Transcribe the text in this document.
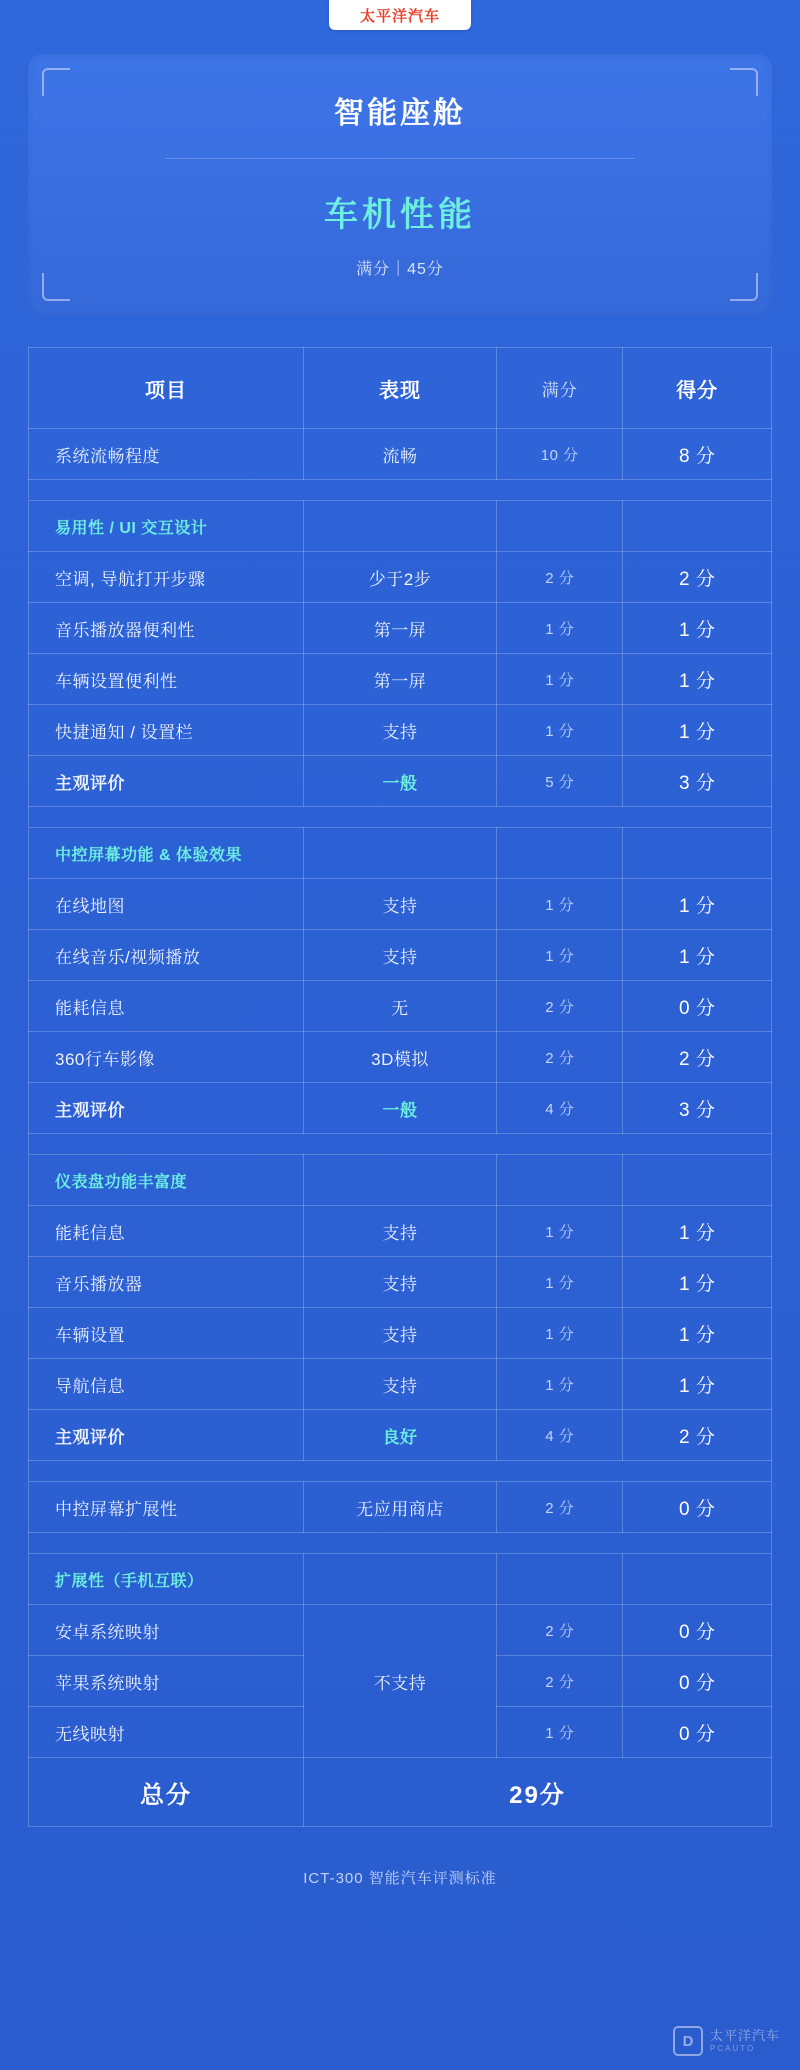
太平洋汽车
智能座舱
车机性能
满分｜45分
项目	表现	满分	得分
系统流畅程度	流畅	10 分	8 分

易用性 / UI 交互设计			
空调, 导航打开步骤	少于2步	2 分	2 分
音乐播放器便利性	第一屏	1 分	1 分
车辆设置便利性	第一屏	1 分	1 分
快捷通知 / 设置栏	支持	1 分	1 分
主观评价	一般	5 分	3 分

中控屏幕功能 & 体验效果			
在线地图	支持	1 分	1 分
在线音乐/视频播放	支持	1 分	1 分
能耗信息	无	2 分	0 分
360行车影像	3D模拟	2 分	2 分
主观评价	一般	4 分	3 分

仪表盘功能丰富度			
能耗信息	支持	1 分	1 分
音乐播放器	支持	1 分	1 分
车辆设置	支持	1 分	1 分
导航信息	支持	1 分	1 分
主观评价	良好	4 分	2 分

中控屏幕扩展性	无应用商店	2 分	0 分

扩展性（手机互联）			
安卓系统映射	不支持	2 分	0 分
苹果系统映射		2 分	0 分
无线映射		1 分	0 分
总分	29分		
ICT-300 智能汽车评测标准
D	太平洋汽车
PCAUTO
